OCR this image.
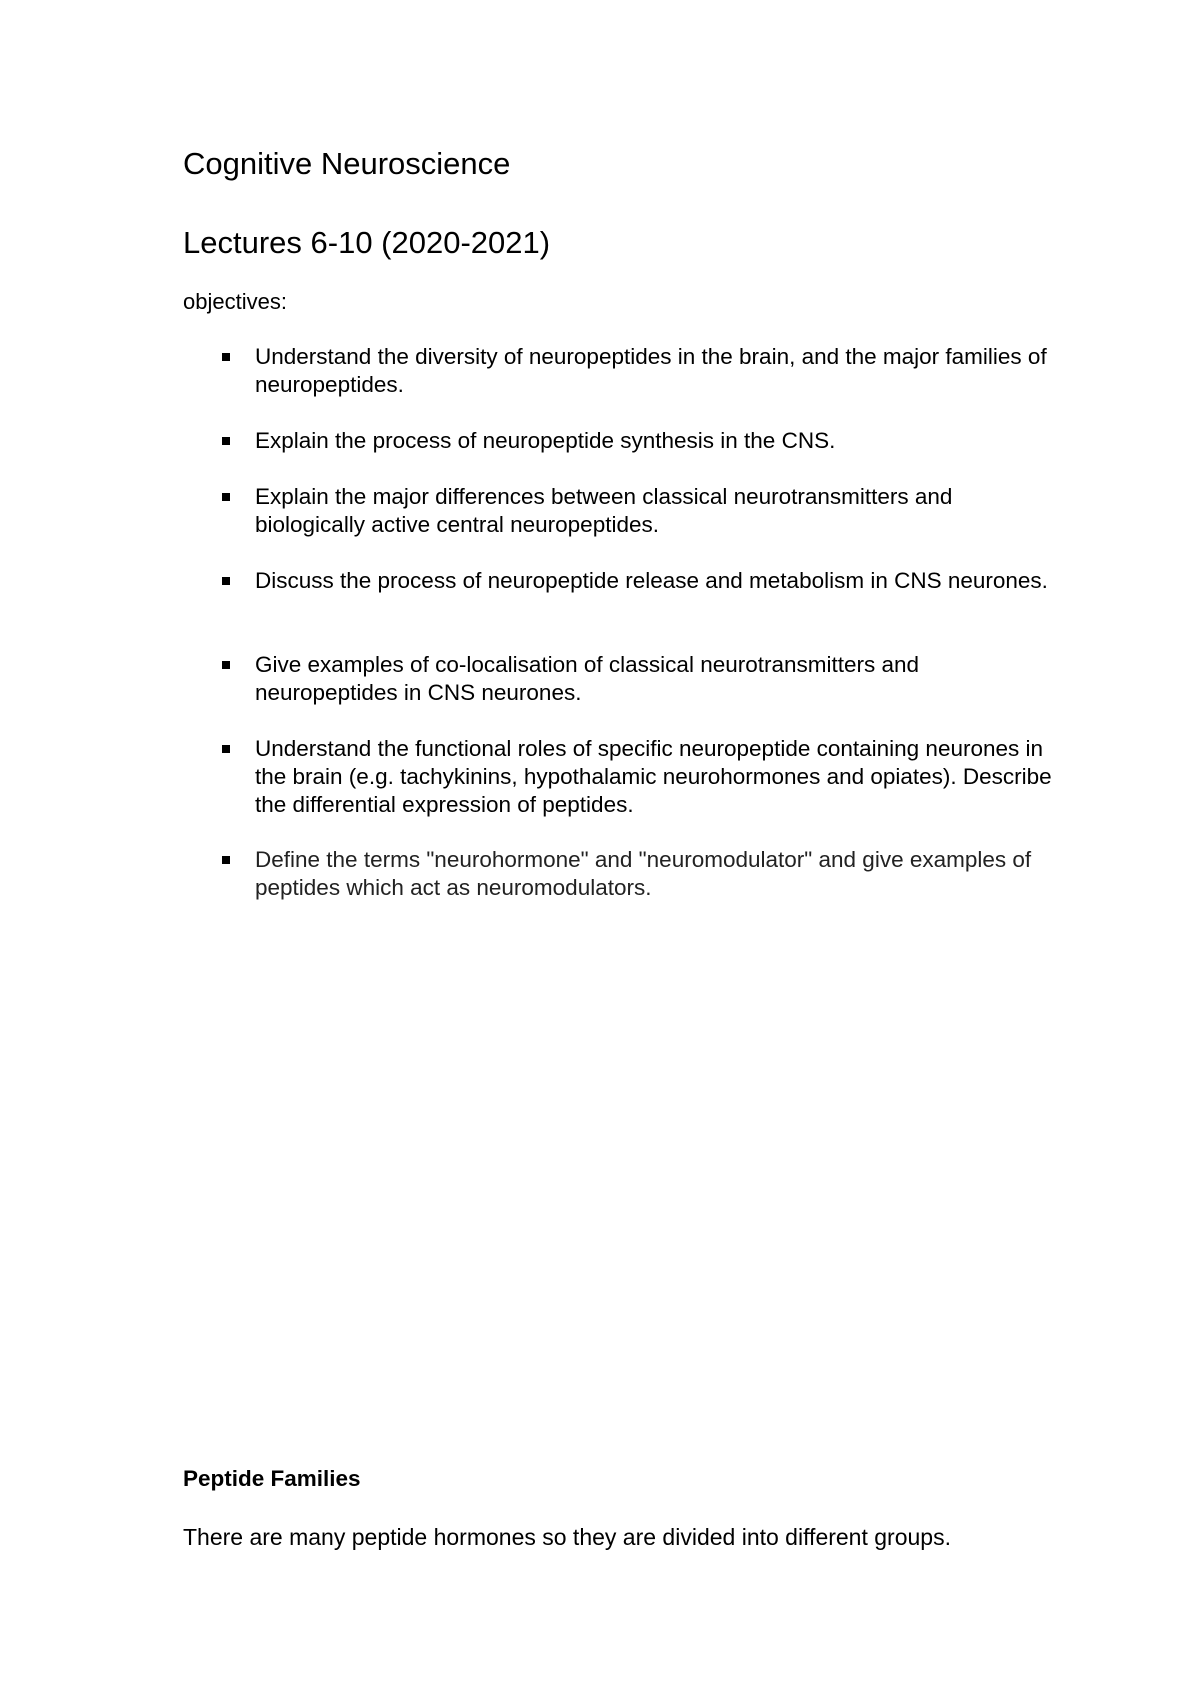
Cognitive Neuroscience
Lectures 6-10 (2020-2021)

objectives:

Understand the diversity of neuropeptides in the brain, and the major families of neuropeptides.
Explain the process of neuropeptide synthesis in the CNS.
Explain the major differences between classical neurotransmitters and biologically active central neuropeptides.
Discuss the process of neuropeptide release and metabolism in CNS neurones.
Give examples of co-localisation of classical neurotransmitters and neuropeptides in CNS neurones.
Understand the functional roles of specific neuropeptide containing neurones in the brain (e.g. tachykinins, hypothalamic neurohormones and opiates). Describe the differential expression of peptides.
Define the terms "neurohormone" and "neuromodulator" and give examples of peptides which act as neuromodulators.
Peptide Families

There are many peptide hormones so they are divided into different groups.
